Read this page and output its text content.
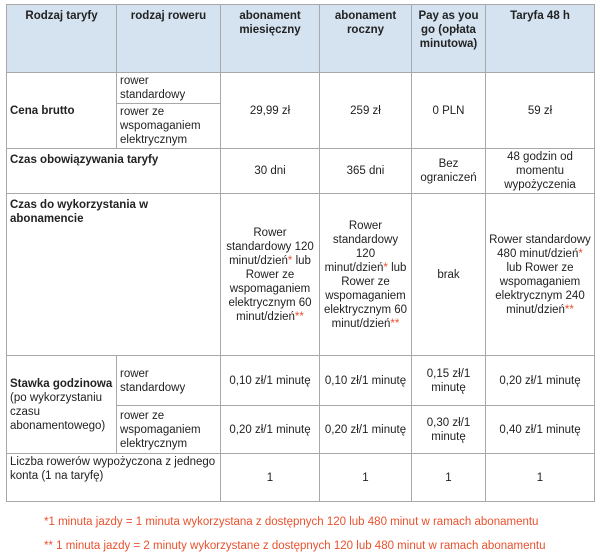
Rodzaj taryfy	rodzaj roweru	abonament miesięczny	abonament roczny	Pay as you go (opłata minutowa)	Taryfa 48 h
Cena brutto	rower standardowy	29,99 zł	259 zł	0 PLN	59 zł
	rower ze wspomaganiem elektrycznym				
Czas obowiązywania taryfy		30 dni	365 dni	Bez ograniczeń	48 godzin od momentu wypożyczenia
Czas do wykorzystania w abonamencie		Rower standardowy 120 minut/dzień* lub Rower ze wspomaganiem elektrycznym 60 minut/dzień**	Rower standardowy 120 minut/dzień* lub Rower ze wspomaganiem elektrycznym 60 minut/dzień**	brak	Rower standardowy 480 minut/dzień* lub Rower ze wspomaganiem elektrycznym 240 minut/dzień**
Stawka godzinowa
(po wykorzystaniu czasu abonamentowego)	rower standardowy	0,10 zł/1 minutę	0,10 zł/1 minutę	0,15 zł/1 minutę	0,20 zł/1 minutę
	rower ze wspomaganiem elektrycznym	0,20 zł/1 minutę	0,20 zł/1 minutę	0,30 zł/1 minutę	0,40 zł/1 minutę
Liczba rowerów wypożyczona z jednego konta (1 na taryfę)		1	1	1	1
*1 minuta jazdy = 1 minuta wykorzystana z dostępnych 120 lub 480 minut w ramach abonamentu
** 1 minuta jazdy = 2 minuty wykorzystane z dostępnych 120 lub 480 minut w ramach abonamentu
